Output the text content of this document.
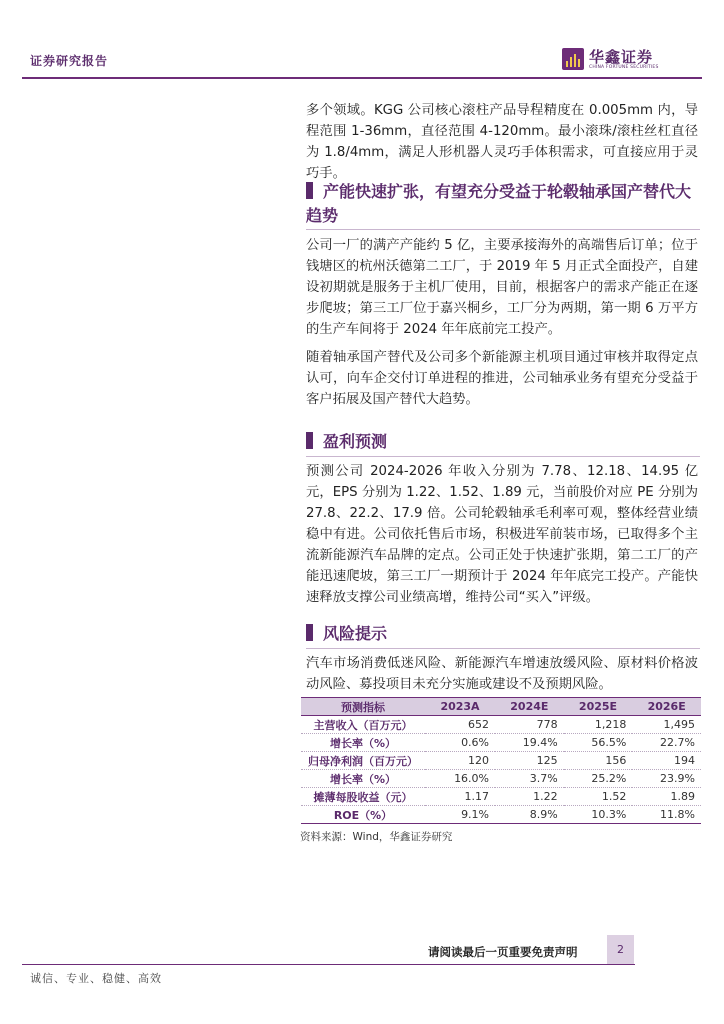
证券研究报告	华鑫证券
CHINA FORTUNE SECURITIES

多个领域。KGG 公司核心滚柱产品导程精度在 0.005mm 内，导程范围 1-36mm，直径范围 4-120mm。最小滚珠/滚柱丝杠直径为 1.8/4mm，满足人形机器人灵巧手体积需求，可直接应用于灵巧手。

产能快速扩张，有望充分受益于轮毂轴承国产替代大趋势

公司一厂的满产产能约 5 亿，主要承接海外的高端售后订单；位于钱塘区的杭州沃德第二工厂，于 2019 年 5 月正式全面投产，自建设初期就是服务于主机厂使用，目前，根据客户的需求产能正在逐步爬坡；第三工厂位于嘉兴桐乡，工厂分为两期，第一期 6 万平方的生产车间将于 2024 年年底前完工投产。

随着轴承国产替代及公司多个新能源主机项目通过审核并取得定点认可，向车企交付订单进程的推进，公司轴承业务有望充分受益于客户拓展及国产替代大趋势。

盈利预测

预测公司 2024-2026 年收入分别为 7.78、12.18、14.95 亿元，EPS 分别为 1.22、1.52、1.89 元，当前股价对应 PE 分别为 27.8、22.2、17.9 倍。公司轮毂轴承毛利率可观，整体经营业绩稳中有进。公司依托售后市场，积极进军前装市场，已取得多个主流新能源汽车品牌的定点。公司正处于快速扩张期，第二工厂的产能迅速爬坡，第三工厂一期预计于 2024 年年底完工投产。产能快速释放支撑公司业绩高增，维持公司“买入”评级。

风险提示

汽车市场消费低迷风险、新能源汽车增速放缓风险、原材料价格波动风险、募投项目未充分实施或建设不及预期风险。

预测指标	2023A	2024E	2025E	2026E
主营收入（百万元）	652	778	1,218	1,495
增长率（%）	0.6%	19.4%	56.5%	22.7%
归母净利润（百万元）	120	125	156	194
增长率（%）	16.0%	3.7%	25.2%	23.9%
摊薄每股收益（元）	1.17	1.22	1.52	1.89
ROE（%）	9.1%	8.9%	10.3%	11.8%
资料来源：Wind，华鑫证券研究
请阅读最后一页重要免责声明	2
诚信、专业、稳健、高效
